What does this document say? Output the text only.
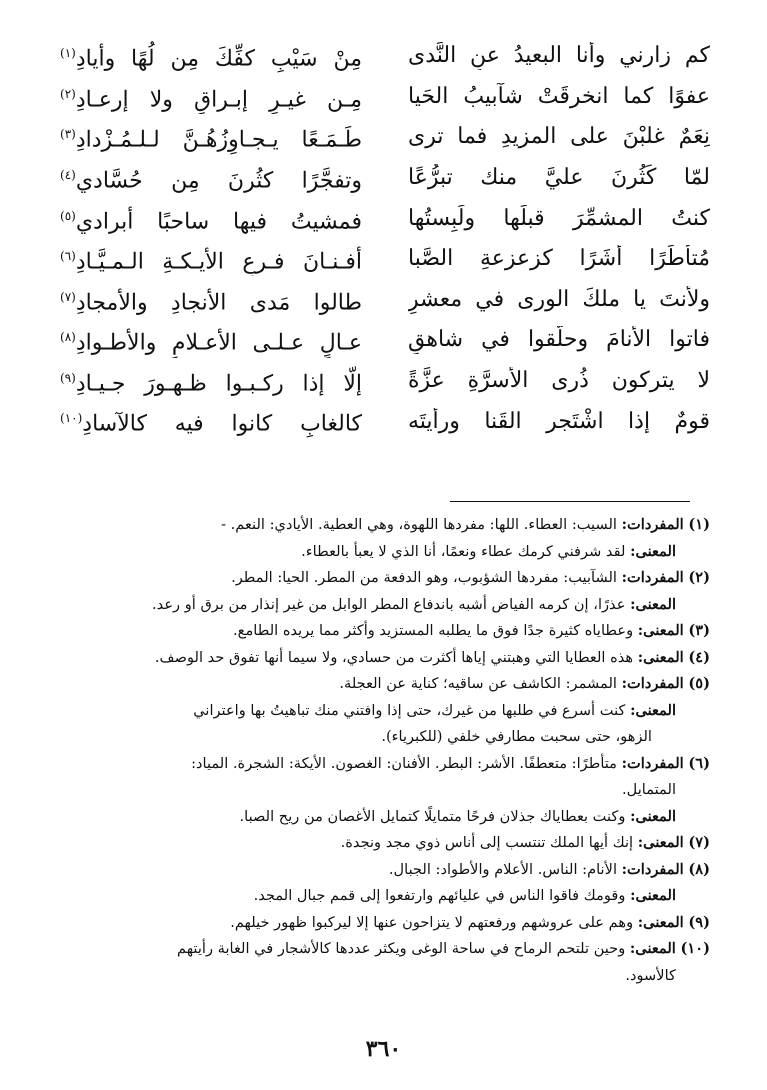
كم زارني وأنا البعيدُ عنِ النَّدى
مِنْ سَيْبِ كفِّكَ مِن لُهًا وأيادِ$^{(١)}$
عفوًا كما انخرقَتْ شآبيبُ الحَيا
مِـن غيـرِ إبـراقٍ ولا إرعـادِ$^{(٢)}$
نِعَمٌ غلبْنَ على المزيدِ فما ترى
طَـمَـعًا يـجـاوِزُهُـنَّ لـلـمُـزْدادِ$^{(٣)}$
لمّا كَثُرنَ عليَّ منك تبرُّعًا
وتفجَّرًا كثُرنَ مِن حُسَّادي$^{(٤)}$
كنتُ المشمِّرَ قبلَها ولَبِستُها
فمشيتُ فيها ساحبًا أبرادي$^{(٥)}$
مُتأطِّرًا أشَرًا كزعزعةِ الصَّبا
أفـنـانَ فـرعِ الأيـكـةِ الـمـيَّـادِ$^{(٦)}$
ولأنتَ يا ملكَ الورى في معشرٍ
طالوا مَدى الأنجادِ والأمجادِ$^{(٧)}$
فاتوا الأنامَ وحلَّقوا في شاهقٍ
عـالٍ عـلـى الأعـلامِ والأطـوادِ$^{(٨)}$
لا يتركون ذُرى الأسرَّةِ عزَّةً
إلّا إذا ركـبـوا ظـهـورَ جـيـادِ$^{(٩)}$
قومٌ إذا اشْتَجر القَنا ورأيتَه
كالغابِ كانوا فيه كالآسادِ$^{(١٠)}$
(١) المفردات: السيب: العطاء. اللها: مفردها اللهوة، وهي العطية. الأيادي: النعم. -
المعنى: لقد شرفني كرمك عطاء ونعمًا، أنا الذي لا يعبأ بالعطاء.
(٢) المفردات: الشآبيب: مفردها الشؤبوب، وهو الدفعة من المطر. الحيا: المطر.
المعنى: عذرًا، إن كرمه الفياض أشبه باندفاع المطر الوابل من غير إنذار من برق أو رعد.
(٣) المعنى: وعطاياه كثيرة جدًا فوق ما يطلبه المستزيد وأكثر مما يريده الطامع.
(٤) المعنى: هذه العطايا التي وهبتني إياها أكثرت من حسادي، ولا سيما أنها تفوق حد الوصف.
(٥) المفردات: المشمر: الكاشف عن ساقيه؛ كناية عن العجلة.
المعنى: كنت أسرع في طلبها من غيرك، حتى إذا وافتني منك تباهيتُ بها واعتراني
الزهو، حتى سحبت مطارفي خلفي (للكبرياء).
(٦) المفردات: متأطرًا: متعطفًا. الأشر: البطر. الأفنان: الغصون. الأيكة: الشجرة. المياد:
المتمايل.
المعنى: وكنت بعطاياك جذلان فرحًا متمايلًا كتمايل الأغصان من ريح الصبا.
(٧) المعنى: إنك أيها الملك تنتسب إلى أناس ذوي مجد ونجدة.
(٨) المفردات: الأنام: الناس. الأعلام والأطواد: الجبال.
المعنى: وقومك فاقوا الناس في عليائهم وارتفعوا إلى قمم جبال المجد.
(٩) المعنى: وهم على عروشهم ورفعتهم لا يتزاحون عنها إلا ليركبوا ظهور خيلهم.
(١٠) المعنى: وحين تلتحم الرماح في ساحة الوغى ويكثر عددها كالأشجار في الغابة رأيتهم
كالأسود.
٣٦٠
